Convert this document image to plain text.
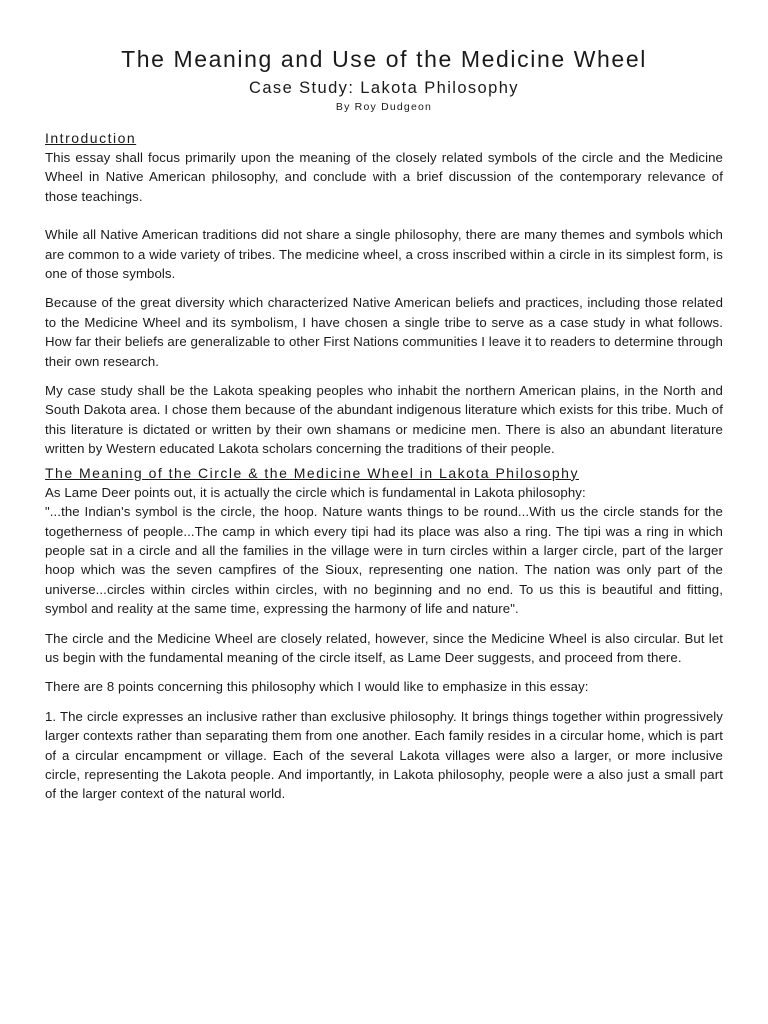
The Meaning and Use of the Medicine Wheel
Case Study: Lakota Philosophy
By Roy Dudgeon
Introduction

This essay shall focus primarily upon the meaning of the closely related symbols of the circle and the Medicine Wheel in Native American philosophy, and conclude with a brief discussion of the contemporary relevance of those teachings.

While all Native American traditions did not share a single philosophy, there are many themes and symbols which are common to a wide variety of tribes. The medicine wheel, a cross inscribed within a circle in its simplest form, is one of those symbols.

Because of the great diversity which characterized Native American beliefs and practices, including those related to the Medicine Wheel and its symbolism, I have chosen a single tribe to serve as a case study in what follows. How far their beliefs are generalizable to other First Nations communities I leave it to readers to determine through their own research.

My case study shall be the Lakota speaking peoples who inhabit the northern American plains, in the North and South Dakota area. I chose them because of the abundant indigenous literature which exists for this tribe. Much of this literature is dictated or written by their own shamans or medicine men. There is also an abundant literature written by Western educated Lakota scholars concerning the traditions of their people.

The Meaning of the Circle & the Medicine Wheel in Lakota Philosophy

As Lame Deer points out, it is actually the circle which is fundamental in Lakota philosophy:

"...the Indian's symbol is the circle, the hoop. Nature wants things to be round...With us the circle stands for the togetherness of people...The camp in which every tipi had its place was also a ring. The tipi was a ring in which people sat in a circle and all the families in the village were in turn circles within a larger circle, part of the larger hoop which was the seven campfires of the Sioux, representing one nation. The nation was only part of the universe...circles within circles within circles, with no beginning and no end. To us this is beautiful and fitting, symbol and reality at the same time, expressing the harmony of life and nature".

The circle and the Medicine Wheel are closely related, however, since the Medicine Wheel is also circular. But let us begin with the fundamental meaning of the circle itself, as Lame Deer suggests, and proceed from there.

There are 8 points concerning this philosophy which I would like to emphasize in this essay:

1. The circle expresses an inclusive rather than exclusive philosophy. It brings things together within progressively larger contexts rather than separating them from one another. Each family resides in a circular home, which is part of a circular encampment or village. Each of the several Lakota villages were also a larger, or more inclusive circle, representing the Lakota people. And importantly, in Lakota philosophy, people were a also just a small part of the larger context of the natural world.
